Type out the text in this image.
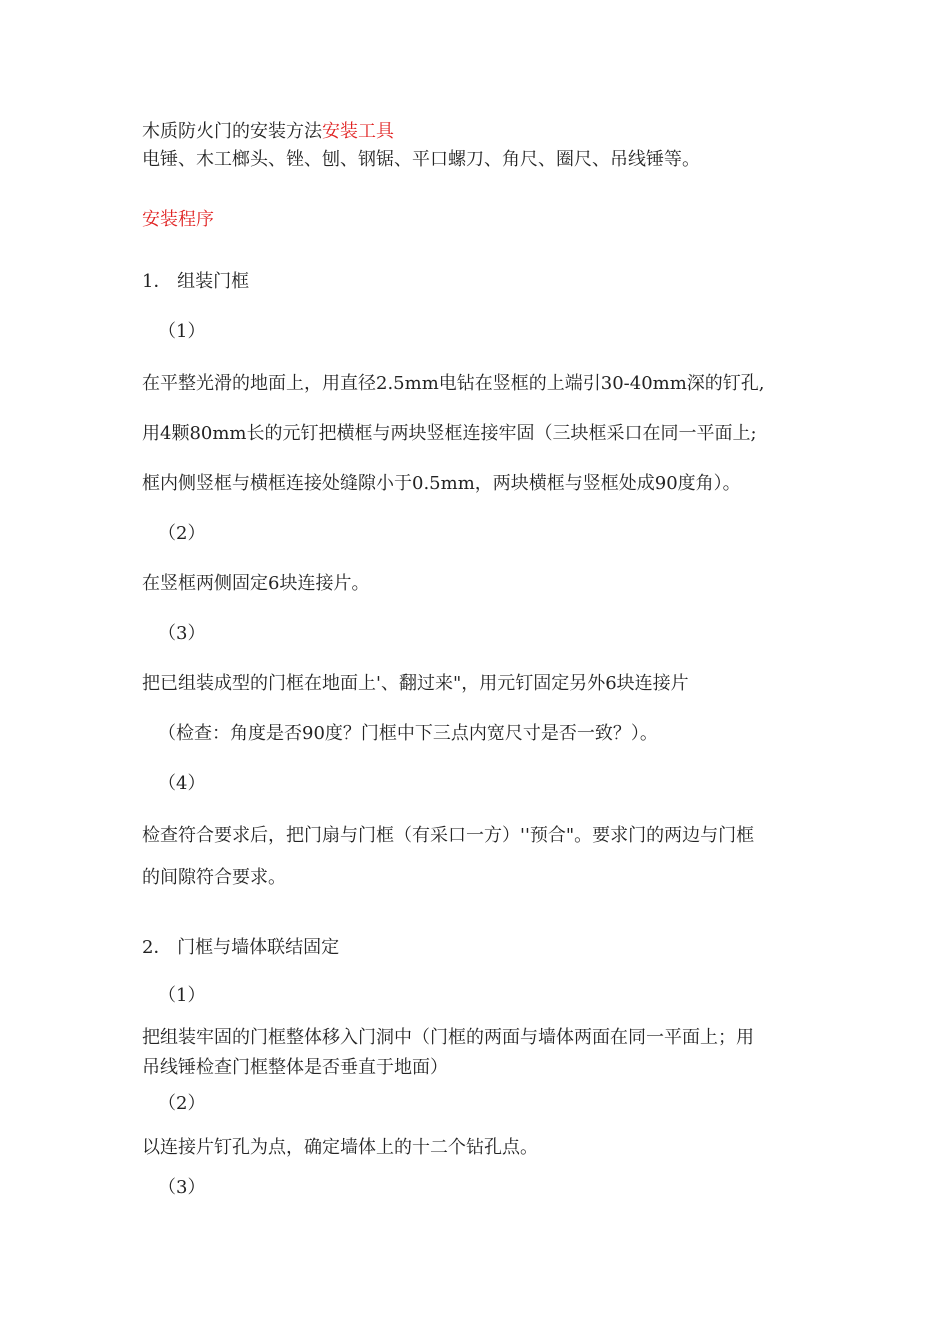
木质防火门的安装方法安装工具
电锤、木工榔头、锉、刨、钢锯、平口螺刀、角尺、圈尺、吊线锤等。
安装程序
1． 组装门框
（1）
在平整光滑的地面上，用直径2.5mm电钻在竖框的上端引30-40mm深的钉孔,
用4颗80mm长的元钉把横框与两块竖框连接牢固（三块框采口在同一平面上;
框内侧竖框与横框连接处缝隙小于0.5mm，两块横框与竖框处成90度角）。
（2）
在竖框两侧固定6块连接片。
（3）
把已组装成型的门框在地面上'、翻过来"，用元钉固定另外6块连接片
（检查：角度是否90度？门框中下三点内宽尺寸是否一致？）。
（4）
检查符合要求后，把门扇与门框（有采口一方）''预合"。要求门的两边与门框
的间隙符合要求。
2． 门框与墙体联结固定
（1）
把组装牢固的门框整体移入门洞中（门框的两面与墙体两面在同一平面上；用
吊线锤检查门框整体是否垂直于地面）
（2）
以连接片钉孔为点，确定墙体上的十二个钻孔点。
（3）
